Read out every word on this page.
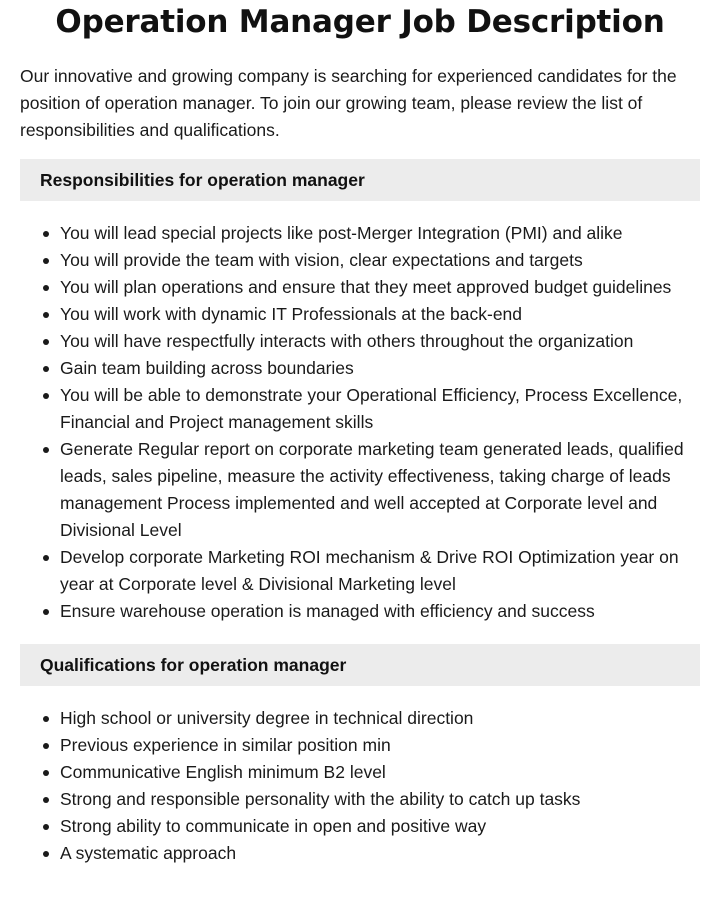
Operation Manager Job Description

Our innovative and growing company is searching for experienced candidates for the position of operation manager. To join our growing team, please review the list of responsibilities and qualifications.

Responsibilities for operation manager
You will lead special projects like post-Merger Integration (PMI) and alike
You will provide the team with vision, clear expectations and targets
You will plan operations and ensure that they meet approved budget guidelines
You will work with dynamic IT Professionals at the back-end
You will have respectfully interacts with others throughout the organization
Gain team building across boundaries
You will be able to demonstrate your Operational Efficiency, Process Excellence, Financial and Project management skills
Generate Regular report on corporate marketing team generated leads, qualified leads, sales pipeline, measure the activity effectiveness, taking charge of leads management Process implemented and well accepted at Corporate level and Divisional Level
Develop corporate Marketing ROI mechanism & Drive ROI Optimization year on year at Corporate level & Divisional Marketing level
Ensure warehouse operation is managed with efficiency and success
Qualifications for operation manager
High school or university degree in technical direction
Previous experience in similar position min
Communicative English minimum B2 level
Strong and responsible personality with the ability to catch up tasks
Strong ability to communicate in open and positive way
A systematic approach
